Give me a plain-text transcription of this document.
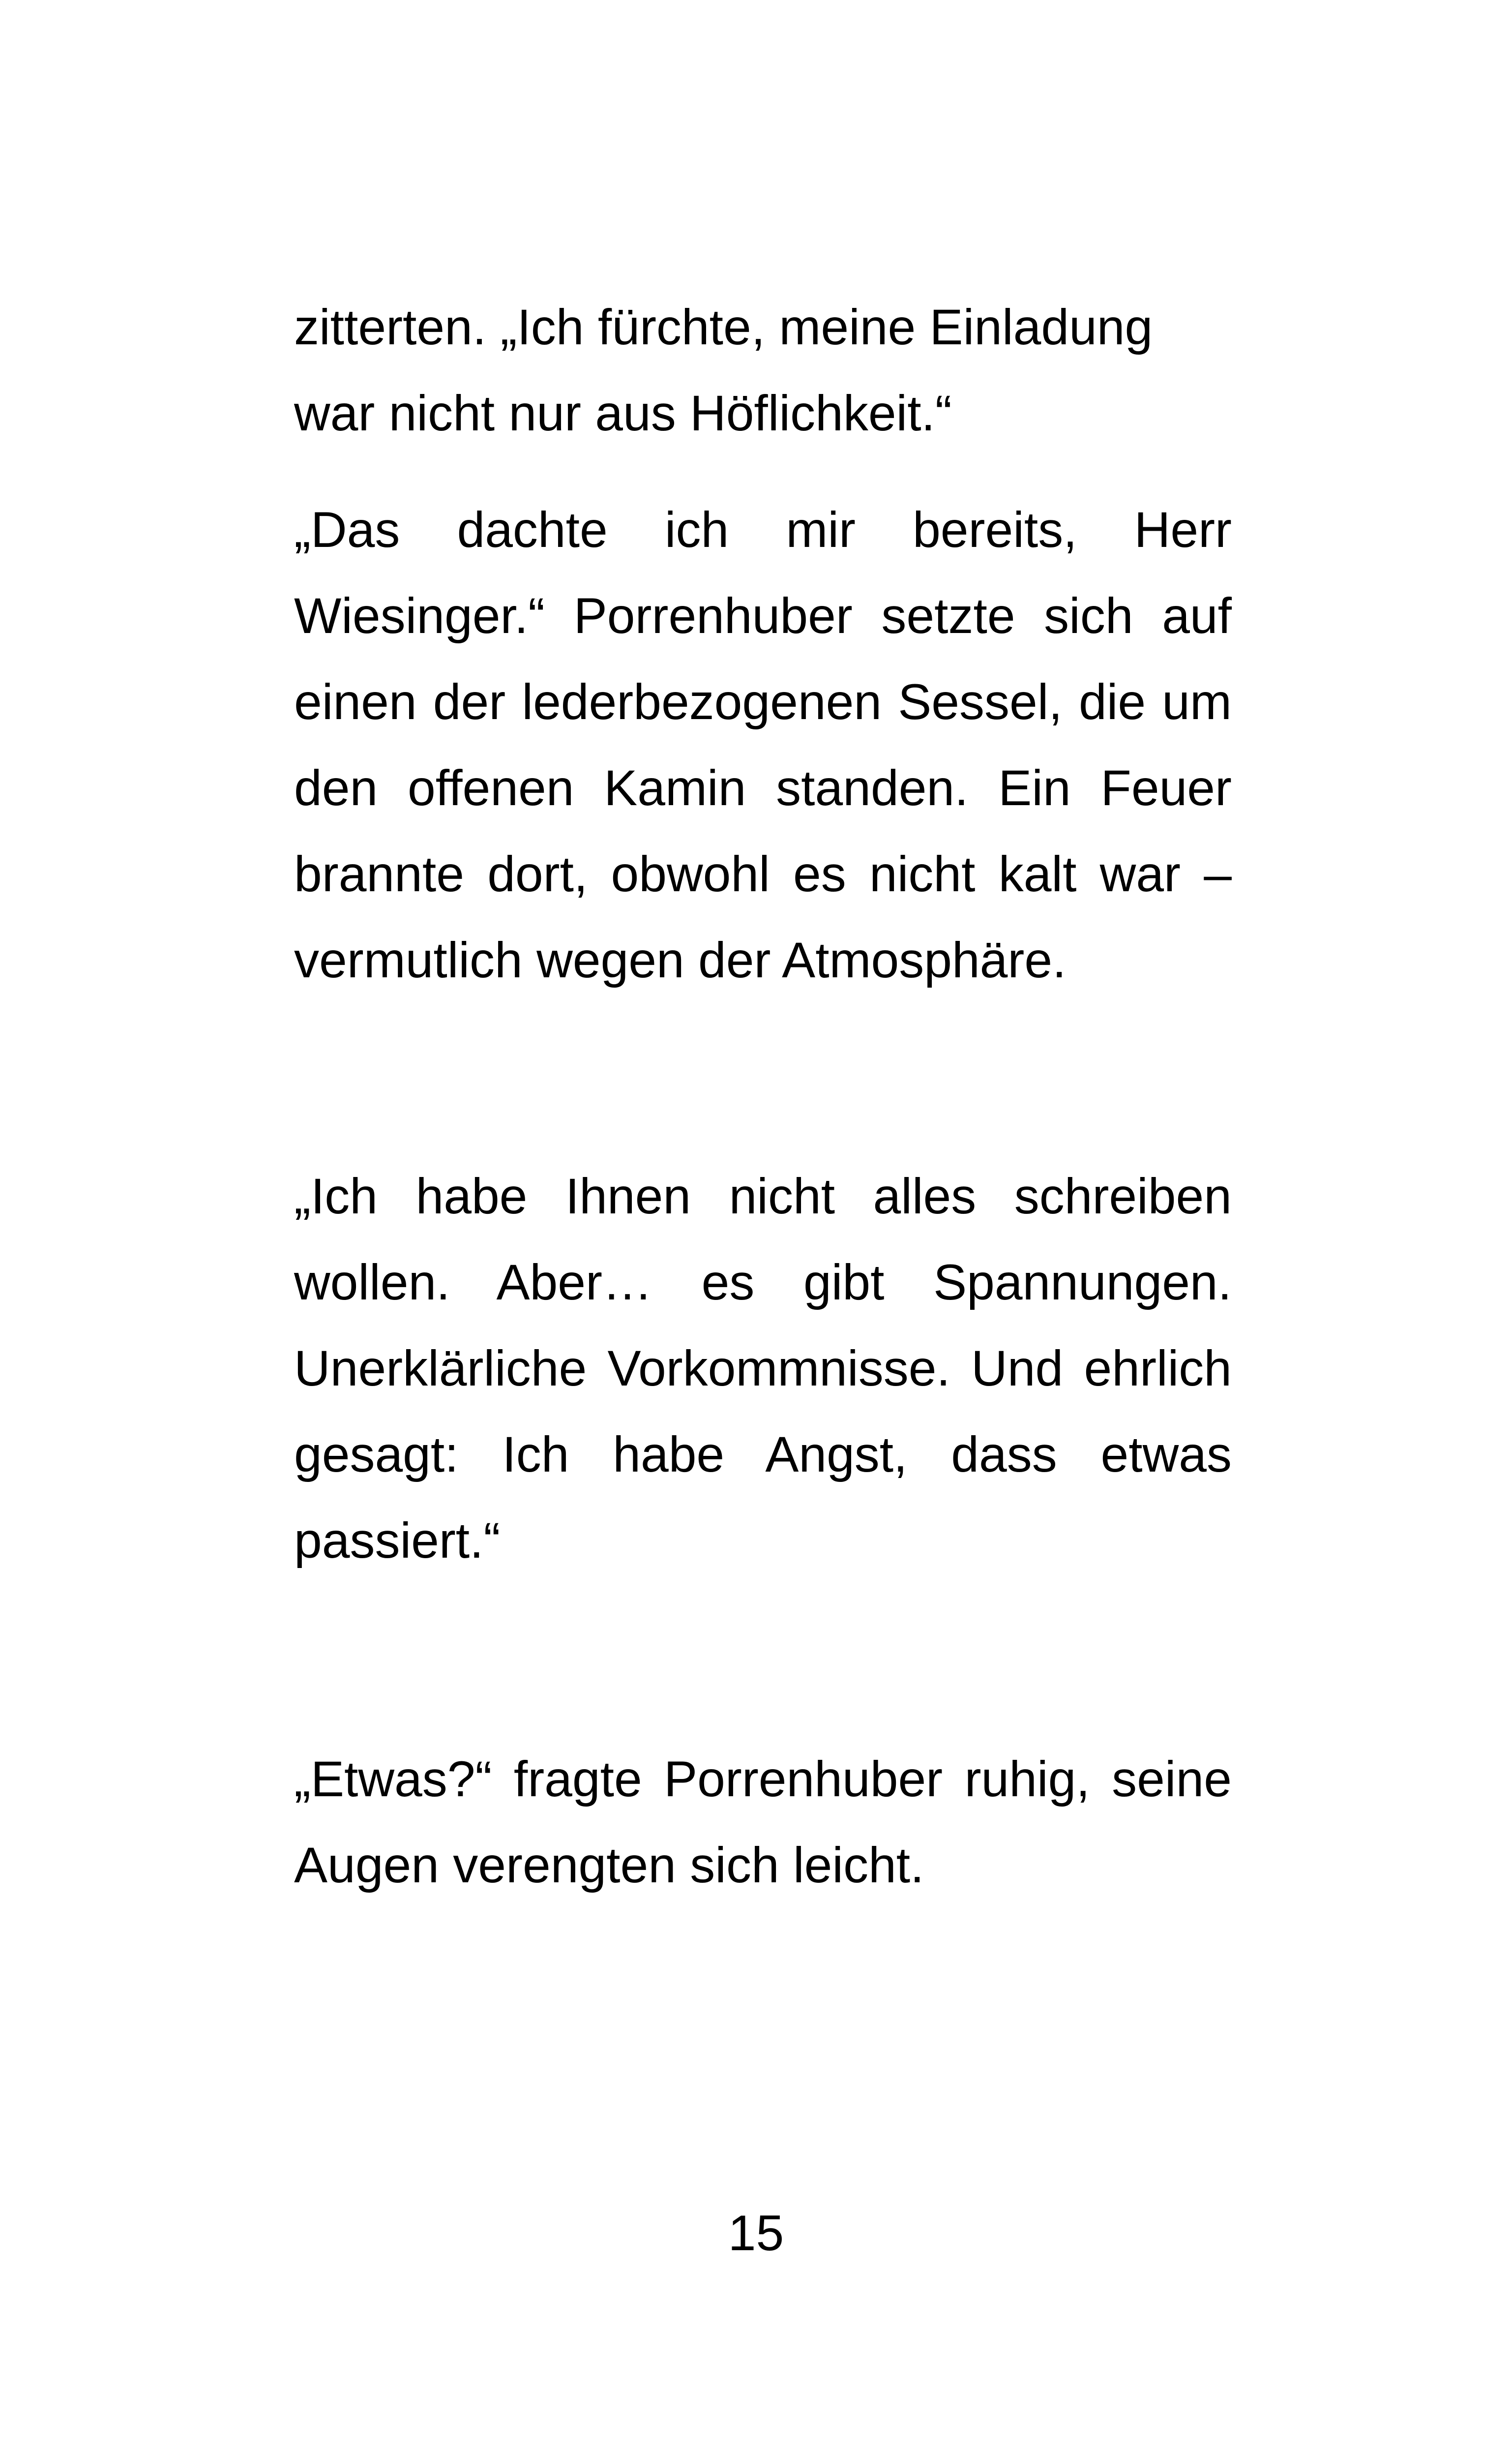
zitterten. „Ich fürchte, meine Einladung war nicht nur aus Höflichkeit.“

„Das dachte ich mir bereits, Herr Wiesinger.“ Porrenhuber setzte sich auf einen der lederbezogenen Sessel, die um den offenen Kamin standen. Ein Feuer brannte dort, obwohl es nicht kalt war – vermutlich wegen der Atmosphäre.

„Ich habe Ihnen nicht alles schreiben wollen. Aber… es gibt Spannungen. Unerklärliche Vorkommnisse. Und ehrlich gesagt: Ich habe Angst, dass etwas passiert.“

„Etwas?“ fragte Porrenhuber ruhig, seine Augen verengten sich leicht.

15
